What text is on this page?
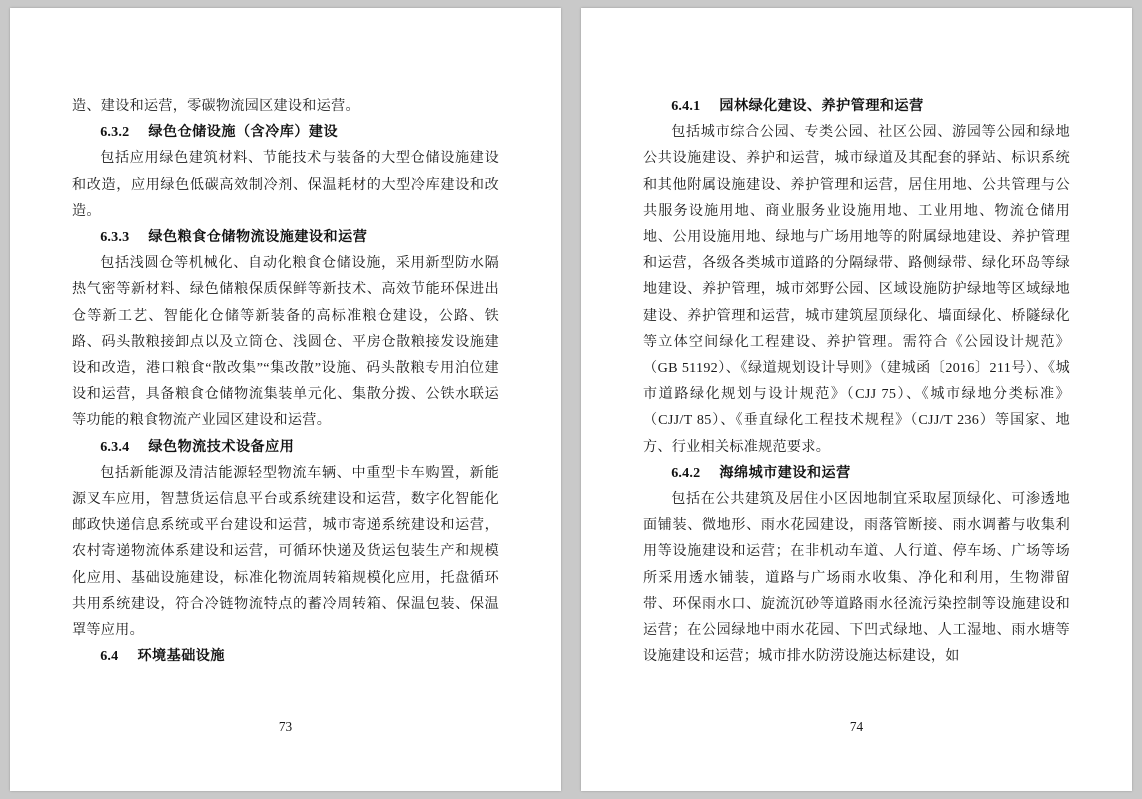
造、建设和运营，零碳物流园区建设和运营。

6.3.2 绿色仓储设施（含冷库）建设

包括应用绿色建筑材料、节能技术与装备的大型仓储设施建设和改造，应用绿色低碳高效制冷剂、保温耗材的大型冷库建设和改造。

6.3.3 绿色粮食仓储物流设施建设和运营

包括浅圆仓等机械化、自动化粮食仓储设施，采用新型防水隔热气密等新材料、绿色储粮保质保鲜等新技术、高效节能环保进出仓等新工艺、智能化仓储等新装备的高标准粮仓建设，公路、铁路、码头散粮接卸点以及立筒仓、浅圆仓、平房仓散粮接发设施建设和改造，港口粮食“散改集”“集改散”设施、码头散粮专用泊位建设和运营，具备粮食仓储物流集装单元化、集散分拨、公铁水联运等功能的粮食物流产业园区建设和运营。

6.3.4 绿色物流技术设备应用

包括新能源及清洁能源轻型物流车辆、中重型卡车购置，新能源叉车应用，智慧货运信息平台或系统建设和运营，数字化智能化邮政快递信息系统或平台建设和运营，城市寄递系统建设和运营，农村寄递物流体系建设和运营，可循环快递及货运包装生产和规模化应用、基础设施建设，标准化物流周转箱规模化应用，托盘循环共用系统建设，符合冷链物流特点的蓄冷周转箱、保温包装、保温罩等应用。

6.4 环境基础设施

73

6.4.1 园林绿化建设、养护管理和运营

包括城市综合公园、专类公园、社区公园、游园等公园和绿地公共设施建设、养护和运营，城市绿道及其配套的驿站、标识系统和其他附属设施建设、养护管理和运营，居住用地、公共管理与公共服务设施用地、商业服务业设施用地、工业用地、物流仓储用地、公用设施用地、绿地与广场用地等的附属绿地建设、养护管理和运营，各级各类城市道路的分隔绿带、路侧绿带、绿化环岛等绿地建设、养护管理，城市郊野公园、区域设施防护绿地等区域绿地建设、养护管理和运营，城市建筑屋顶绿化、墙面绿化、桥隧绿化等立体空间绿化工程建设、养护管理。需符合《公园设计规范》（GB 51192）、《绿道规划设计导则》（建城函〔2016〕211号）、《城市道路绿化规划与设计规范》（CJJ 75）、《城市绿地分类标准》（CJJ/T 85）、《垂直绿化工程技术规程》（CJJ/T 236）等国家、地方、行业相关标准规范要求。

6.4.2 海绵城市建设和运营

包括在公共建筑及居住小区因地制宜采取屋顶绿化、可渗透地面铺装、微地形、雨水花园建设，雨落管断接、雨水调蓄与收集利用等设施建设和运营；在非机动车道、人行道、停车场、广场等场所采用透水铺装，道路与广场雨水收集、净化和利用，生物滞留带、环保雨水口、旋流沉砂等道路雨水径流污染控制等设施建设和运营；在公园绿地中雨水花园、下凹式绿地、人工湿地、雨水塘等设施建设和运营；城市排水防涝设施达标建设，如

74
